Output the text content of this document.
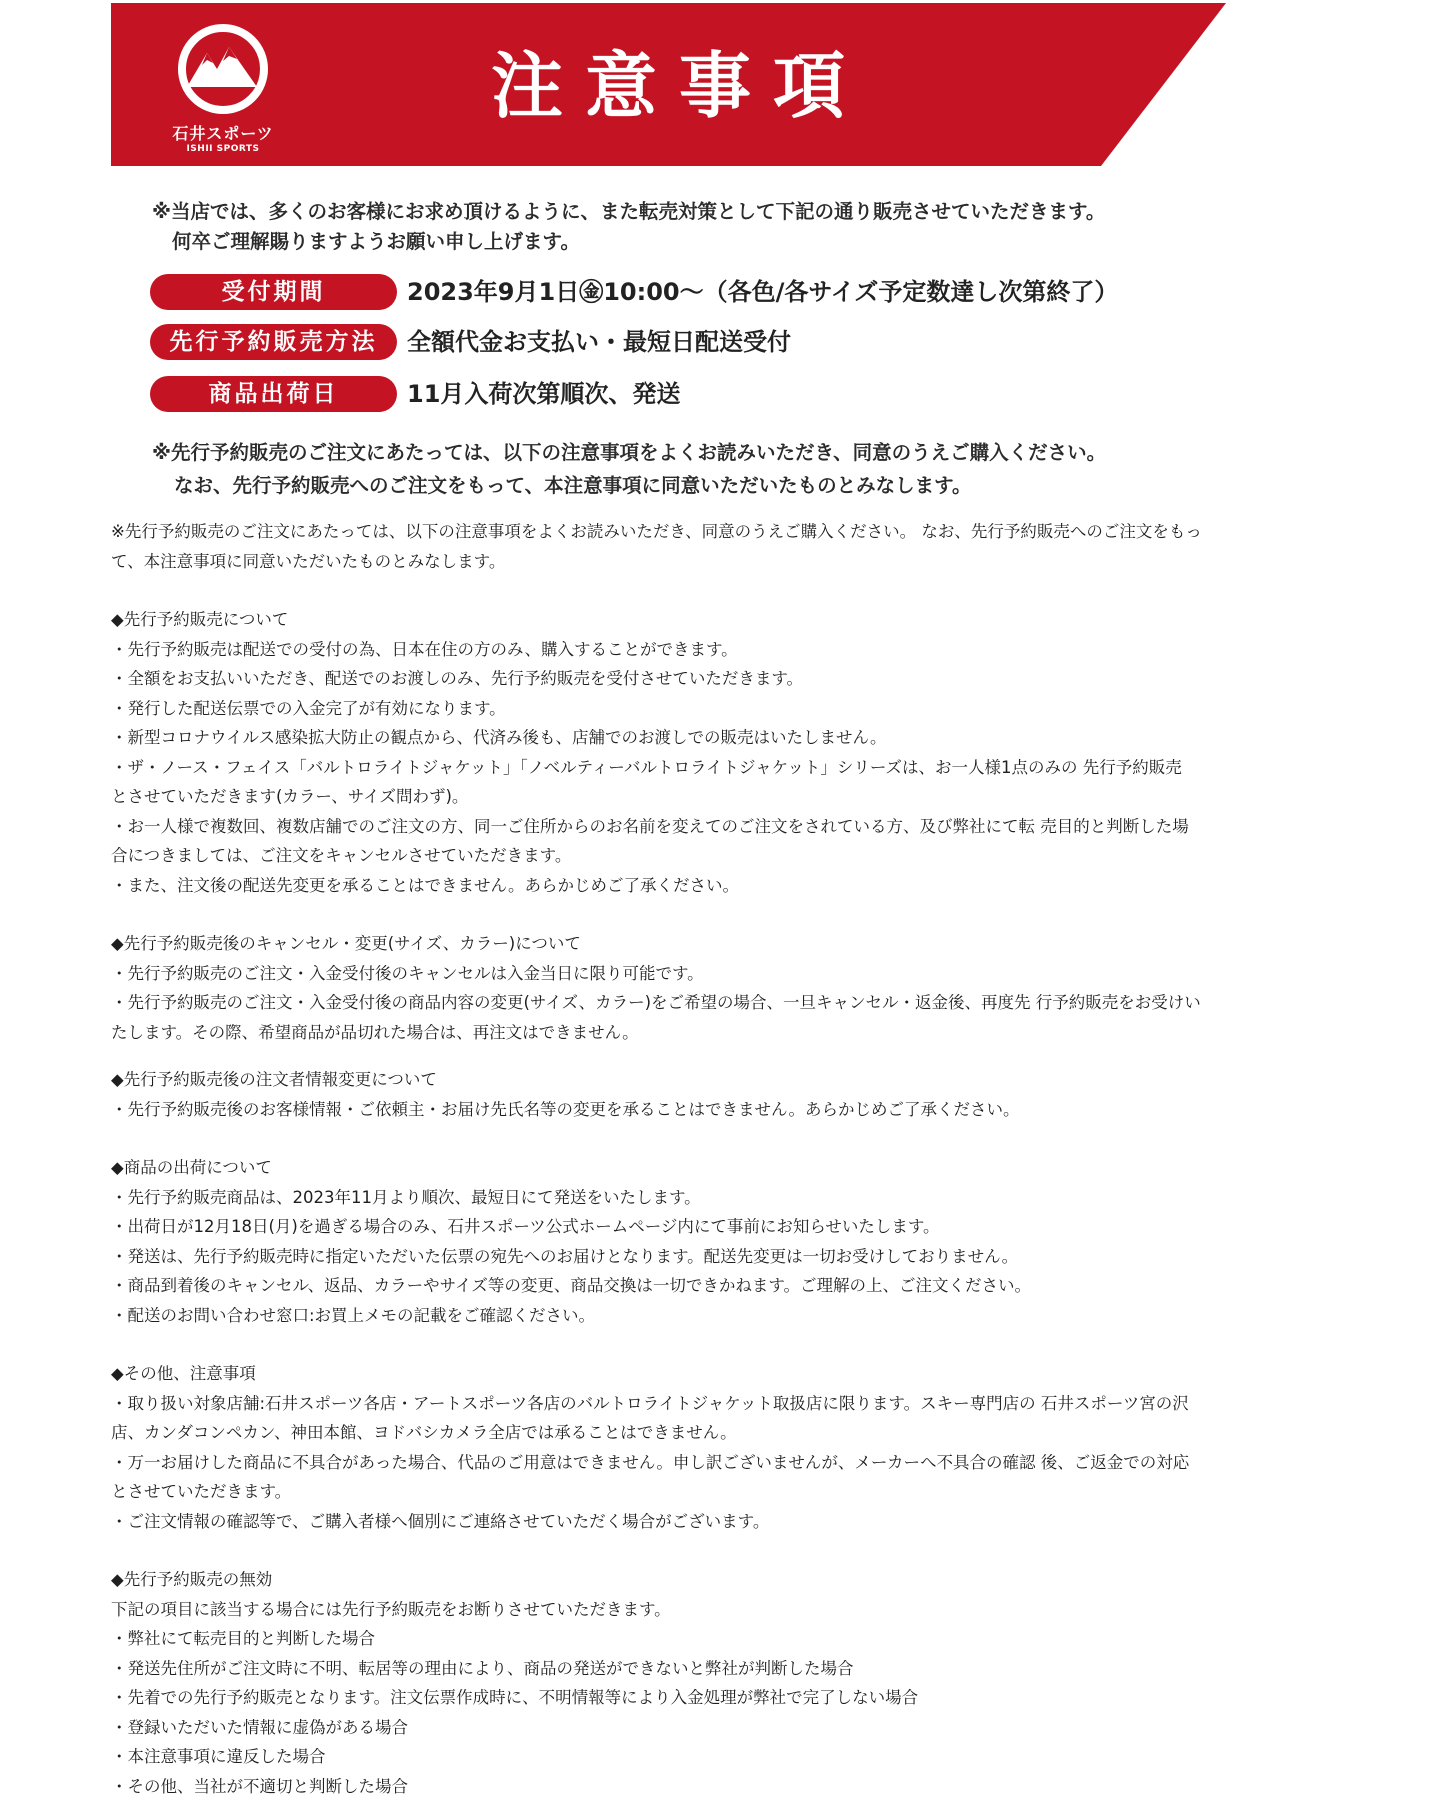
石井スポーツ
ISHII SPORTS
注意事項
※当店では、多くのお客様にお求め頂けるように、また転売対策として下記の通り販売させていただきます。
何卒ご理解賜りますようお願い申し上げます。
受付期間	2023年9月1日㊎10:00〜（各色/各サイズ予定数達し次第終了）
先行予約販売方法	全額代金お支払い・最短日配送受付
商品出荷日	11月入荷次第順次、発送
※先行予約販売のご注文にあたっては、以下の注意事項をよくお読みいただき、同意のうえご購入ください。
なお、先行予約販売へのご注文をもって、本注意事項に同意いただいたものとみなします。

※先行予約販売のご注文にあたっては、以下の注意事項をよくお読みいただき、同意のうえご購入ください。 なお、先行予約販売へのご注文をもっ

て、本注意事項に同意いただいたものとみなします。

◆先行予約販売について

・先行予約販売は配送での受付の為、日本在住の方のみ、購入することができます。

・全額をお支払いいただき、配送でのお渡しのみ、先行予約販売を受付させていただきます。

・発行した配送伝票での入金完了が有効になります。

・新型コロナウイルス感染拡大防止の観点から、代済み後も、店舗でのお渡しでの販売はいたしません。

・ザ・ノース・フェイス「バルトロライトジャケット」「ノベルティーバルトロライトジャケット」シリーズは、お一人様1点のみの 先行予約販売

とさせていただきます(カラー、サイズ問わず)。

・お一人様で複数回、複数店舗でのご注文の方、同一ご住所からのお名前を変えてのご注文をされている方、及び弊社にて転 売目的と判断した場

合につきましては、ご注文をキャンセルさせていただきます。

・また、注文後の配送先変更を承ることはできません。あらかじめご了承ください。

◆先行予約販売後のキャンセル・変更(サイズ、カラー)について

・先行予約販売のご注文・入金受付後のキャンセルは入金当日に限り可能です。

・先行予約販売のご注文・入金受付後の商品内容の変更(サイズ、カラー)をご希望の場合、一旦キャンセル・返金後、再度先 行予約販売をお受けい

たします。その際、希望商品が品切れた場合は、再注文はできません。

◆先行予約販売後の注文者情報変更について

・先行予約販売後のお客様情報・ご依頼主・お届け先氏名等の変更を承ることはできません。あらかじめご了承ください。

◆商品の出荷について

・先行予約販売商品は、2023年11月より順次、最短日にて発送をいたします。

・出荷日が12月18日(月)を過ぎる場合のみ、石井スポーツ公式ホームページ内にて事前にお知らせいたします。

・発送は、先行予約販売時に指定いただいた伝票の宛先へのお届けとなります。配送先変更は一切お受けしておりません。

・商品到着後のキャンセル、返品、カラーやサイズ等の変更、商品交換は一切できかねます。ご理解の上、ご注文ください。

・配送のお問い合わせ窓口:お買上メモの記載をご確認ください。

◆その他、注意事項

・取り扱い対象店舗:石井スポーツ各店・アートスポーツ各店のバルトロライトジャケット取扱店に限ります。スキー専門店の 石井スポーツ宮の沢

店、カンダコンペカン、神田本館、ヨドバシカメラ全店では承ることはできません。

・万一お届けした商品に不具合があった場合、代品のご用意はできません。申し訳ございませんが、メーカーへ不具合の確認 後、ご返金での対応

とさせていただきます。

・ご注文情報の確認等で、ご購入者様へ個別にご連絡させていただく場合がございます。

◆先行予約販売の無効

下記の項目に該当する場合には先行予約販売をお断りさせていただきます。

・弊社にて転売目的と判断した場合

・発送先住所がご注文時に不明、転居等の理由により、商品の発送ができないと弊社が判断した場合

・先着での先行予約販売となります。注文伝票作成時に、不明情報等により入金処理が弊社で完了しない場合

・登録いただいた情報に虚偽がある場合

・本注意事項に違反した場合

・その他、当社が不適切と判断した場合
